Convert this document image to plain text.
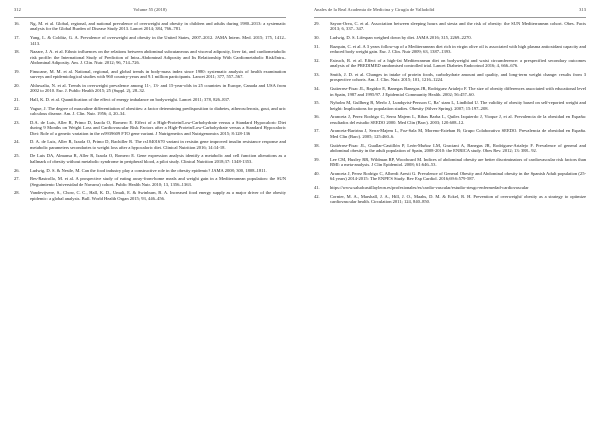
312	Volume 55 (2018)
16.	Ng, M. et al. Global, regional, and national prevalence of overweight and obesity in children and adults during 1980–2013: a systematic analysis for the Global Burden of Disease Study 2013. Lancet 2014; 384, 766–781.
17.	Yang, L. & Colditz, G. A. Prevalence of overweight and obesity in the United States, 2007–2012. JAMA Intern. Med. 2015; 175, 1412–1413.
18.	Nazare, J. A. et al. Ethnic influences on the relations between abdominal subcutaneous and visceral adiposity, liver fat, and cardiometabolic risk profile: the International Study of Prediction of Intra–Abdominal Adiposity and Its Relationship With Cardiometabolic Risk/Intra–Abdominal Adiposity. Am. J. Clin. Nutr. 2012; 96, 714–726.
19.	Finucane, M. M. et al. National, regional, and global trends in body-mass index since 1980: systematic analysis of health examination surveys and epidemiological studies with 960 country-years and 9.1 million participants. Lancet 2011; 377, 557–567.
20.	Ahluwalia, N. et al. Trends in overweight prevalence among 11-, 13- and 15-year-olds in 25 countries in Europe, Canada and USA from 2002 to 2010. Eur. J. Public Health 2015; 25 (Suppl. 2), 28–32.
21.	Hall, K. D. et al. Quantification of the effect of energy imbalance on bodyweight. Lancet 2011; 378, 826–837.
22.	Vague, J. The degree of masculine differentiation of obesities: a factor determining predisposition to diabetes, atherosclerosis, gout, and uric calculous disease. Am. J. Clin. Nutr. 1956; 4, 20–34.
23.	D.A. de Luis, Aller R, Primo D, Izaola O, Romero E. Effect of a High-Protein/Low-Carbohydrate versus a Standard Hypocaloric Diet during 9 Months on Weight Loss and Cardiovascular Risk Factors after a High-Protein/Low-Carbohydrate versus a Standard Hypocaloric Diet: Role of a genetic variation in the rs9939609 FTO gene variant. J Nutrigenetics and Nutrigenomics 2015; 8:128-136
24.	D. A. de Luis, Aller R, Izaola O, Primo D, Bachiller R. The rs10401670 variant in resistin gene improved insulin resistance response and metabolic parameters secondaries to weight loss after a hypocaloric diet. Clinical Nutrition 2016; 14:14-18.
25.	De Luis DA, Almansa R, Aller R, Izaola O, Romero E. Gene expression analysis identify a metabolic and cell function alterations as a hallmark of obesity without metabolic syndrome in peripheral blood, a pilot study. Clinical Nutrition 2018;37: 1348-1353.
26.	Ludwig, D. S. & Nestle, M. Can the food industry play a constructive role in the obesity epidemic? JAMA 2008; 300, 1808–1811.
27.	Bes-Rastrollo, M. et al. A prospective study of eating away-from-home meals and weight gain in a Mediterranean population: the SUN (Seguimiento Universidad de Navarra) cohort. Public Health Nutr. 2010; 13, 1356–1363.
28.	Vandevijvere, S., Chow, C. C., Hall, K. D., Umali, E. & Swinburn, B. A. Increased food energy supply as a major driver of the obesity epidemic: a global analysis. Bull. World Health Organ 2015; 93, 446–456.
Anales de la Real Academia de Medicina y Cirugía de Valladolid	313
29.	Sayon-Orea, C. et al. Association between sleeping hours and siesta and the risk of obesity: the SUN Mediterranean cohort. Obes. Facts 2013; 6, 337– 347.
30.	Ludwig, D. S. Lifespan weighed down by diet. JAMA 2016; 315, 2269–2270.
31.	Razquin, C. et al. A 3 years follow-up of a Mediterranean diet rich in virgin olive oil is associated with high plasma antioxidant capacity and reduced body weight gain. Eur. J. Clin. Nutr 2009; 63, 1387–1393.
32.	Estruch, R. et al. Effect of a high-fat Mediterranean diet on bodyweight and waist circumference: a prespecified secondary outcomes analysis of the PREDIMED randomised controlled trial. Lancet Diabetes Endocrinol 2016; 4, 666–676.
33.	Smith, J. D. et al. Changes in intake of protein foods, carbohydrate amount and quality, and long-term weight change: results from 3 prospective cohorts. Am. J. Clin. Nutr. 2015; 101, 1216–1224.
34.	Gutierrez-Fisac JL, Regidor E, Banegas Banegas JR, Rodriguez Artalejo F. The size of obesity differences associated with educational level in Spain, 1987 and 1995/97. J Epidemiol Community Health. 2002; 56:457–60.
35.	Nyholm M, Gullberg B, Merlo J, Lundqvist-Persson C, Ra˚ stam L, Lindblad U. The validity of obesity based on self-reported weight and height: Implications for population studies. Obesity (Silver Spring). 2007; 15:197–208.
36.	Aranceta J, Perez Rodrigo C, Serra Majem L, Ribas Barba L, Quiles Izquierdo J, Vioque J, et al. Prevalencia de la obesidad en España: resultados del estudio SEEDO 2000. Med Clin (Barc). 2003; 120:608–12.
37.	Aranceta-Bartrina J, Serra-Majem L, Foz-Sala M, Moreno-Esteban B; Grupo Colaborativo SEEDO. Prevalencia de obesidad en España. Med Clin (Barc). 2005; 125:460–6.
38.	Gutiérrez-Fisac JL, Guallar-Castillón P, León-Muñoz LM, Graciani A, Banegas JR, Rodríguez-Artalejo F. Prevalence of general and abdominal obesity in the adult population of Spain, 2008-2010: the ENRICA study. Obes Rev. 2012; 13: 388– 92.
39.	Lee CM, Huxley RR, Wildman RP, Woodward M. Indices of abdominal obesity are better discriminators of cardiovascular risk factors than BMI: a meta-analysis. J Clin Epidemiol. 2008; 61:646–53.
40.	Aranceta J, Perez Rodrigo C, Alberdi Aresti G. Prevalence of General Obesity and Abdominal obesity in the Spanish Adult population (25-64 years) 2014-2015: The ENPE'S Study. Rev Esp Cardiol. 2016;69:6:579-587.
41.	https://www.saludcastillayleon.es/profesionales/es/cardio-vascular/estudio-riesgo-enfermedad-cardiovascular
42.	Cornier, M. A., Marshall, J. A., Hill, J. O., Maahs, D. M. & Eckel, R. H. Prevention of overweight/ obesity as a strategy to optimize cardiovascular health. Circulation 2011; 124, 840–850.
